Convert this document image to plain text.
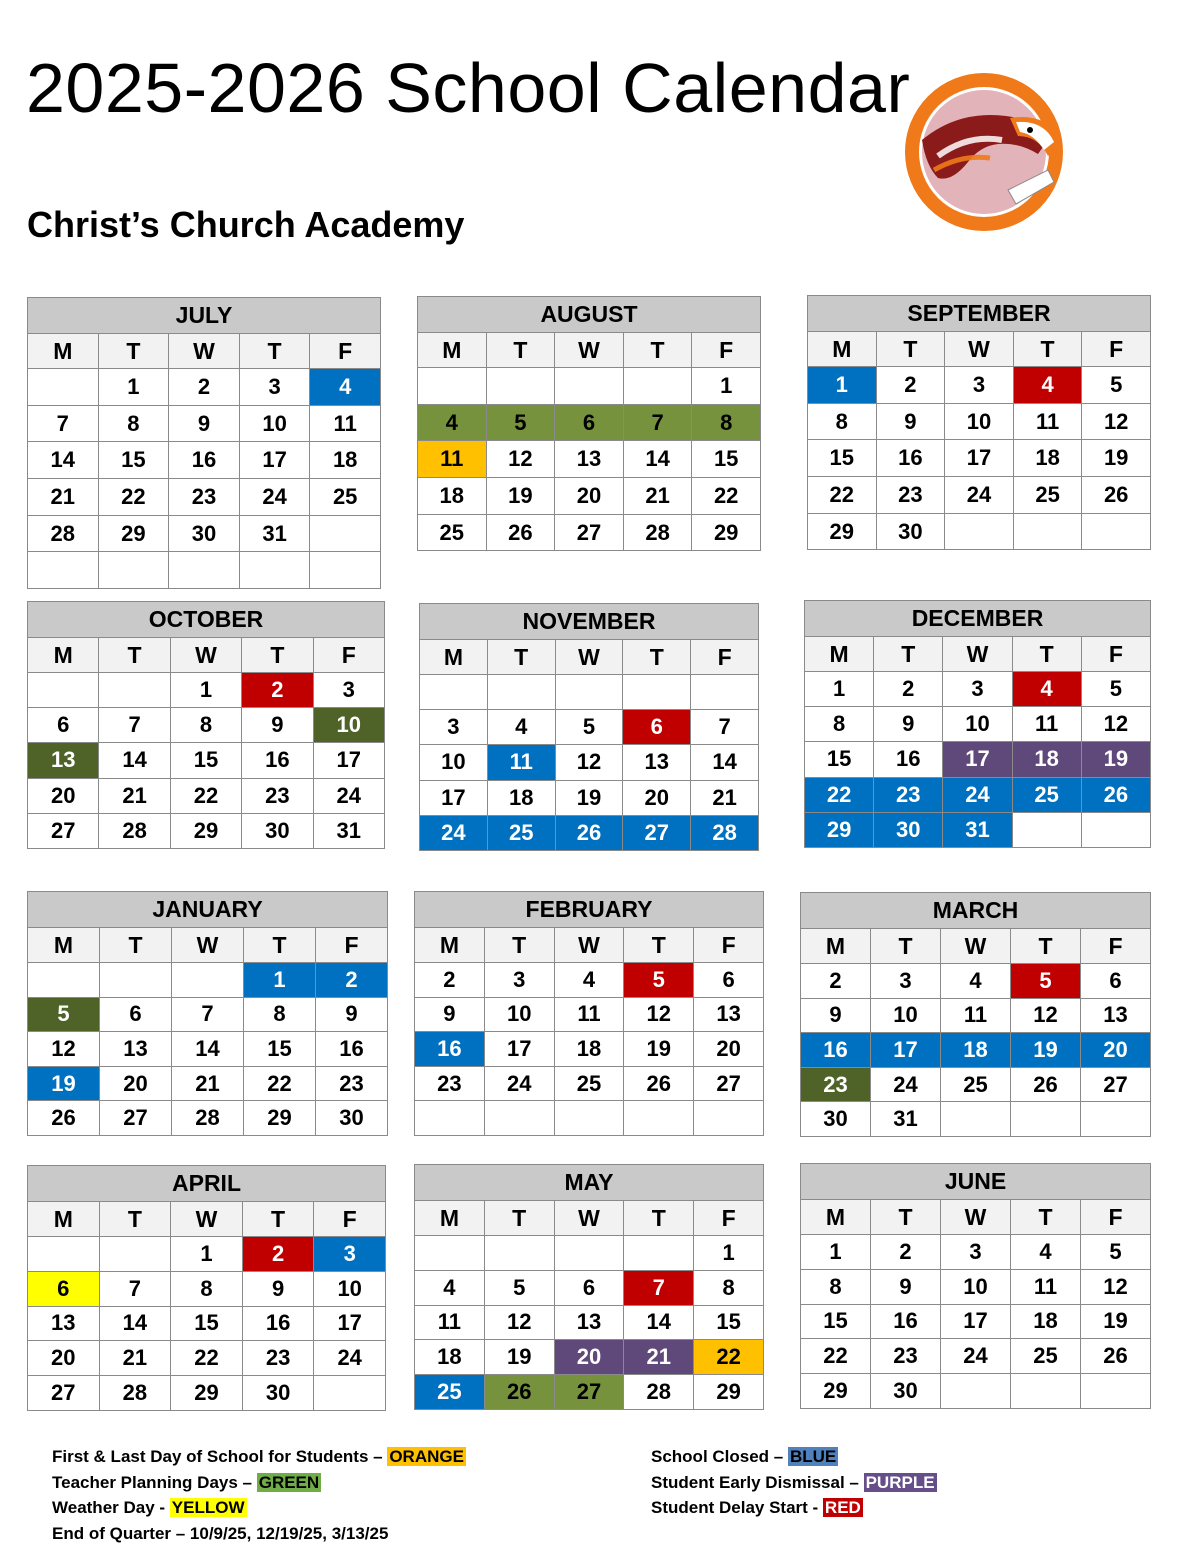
2025-2026 School Calendar
Christ’s Church Academy
JULY				
M	T	W	T	F
	1	2	3	4
7	8	9	10	11
14	15	16	17	18
21	22	23	24	25
28	29	30	31	

AUGUST				
M	T	W	T	F
				1
4	5	6	7	8
11	12	13	14	15
18	19	20	21	22
25	26	27	28	29
SEPTEMBER				
M	T	W	T	F
1	2	3	4	5
8	9	10	11	12
15	16	17	18	19
22	23	24	25	26
29	30			
OCTOBER				
M	T	W	T	F
		1	2	3
6	7	8	9	10
13	14	15	16	17
20	21	22	23	24
27	28	29	30	31
NOVEMBER				
M	T	W	T	F

3	4	5	6	7
10	11	12	13	14
17	18	19	20	21
24	25	26	27	28
DECEMBER				
M	T	W	T	F
1	2	3	4	5
8	9	10	11	12
15	16	17	18	19
22	23	24	25	26
29	30	31		
JANUARY				
M	T	W	T	F
			1	2
5	6	7	8	9
12	13	14	15	16
19	20	21	22	23
26	27	28	29	30
FEBRUARY				
M	T	W	T	F
2	3	4	5	6
9	10	11	12	13
16	17	18	19	20
23	24	25	26	27

MARCH				
M	T	W	T	F
2	3	4	5	6
9	10	11	12	13
16	17	18	19	20
23	24	25	26	27
30	31			
APRIL				
M	T	W	T	F
		1	2	3
6	7	8	9	10
13	14	15	16	17
20	21	22	23	24
27	28	29	30	
MAY				
M	T	W	T	F
				1
4	5	6	7	8
11	12	13	14	15
18	19	20	21	22
25	26	27	28	29
JUNE				
M	T	W	T	F
1	2	3	4	5
8	9	10	11	12
15	16	17	18	19
22	23	24	25	26
29	30			
First & Last Day of School for Students – ORANGE
Teacher Planning Days – GREEN
Weather Day - YELLOW
End of Quarter – 10/9/25, 12/19/25, 3/13/25
School Closed – BLUE
Student Early Dismissal – PURPLE
Student Delay Start - RED
